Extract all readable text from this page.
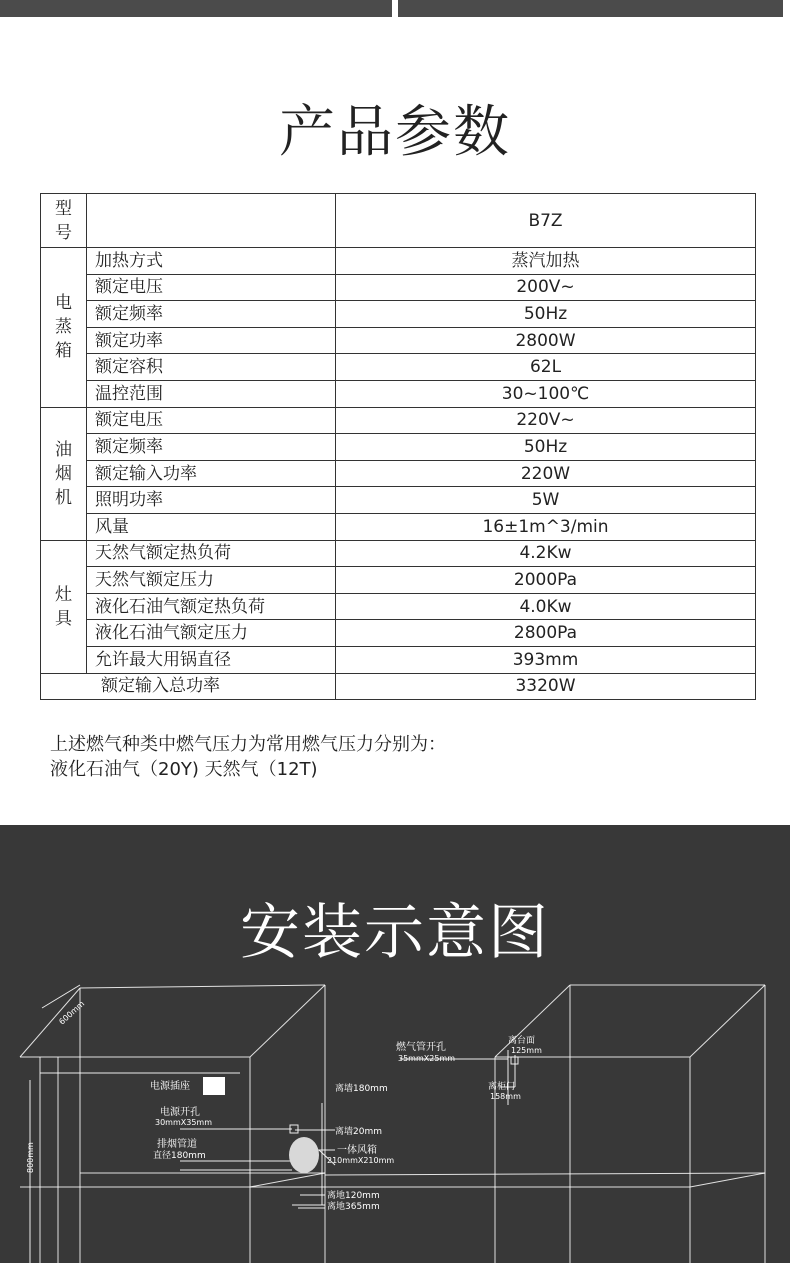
产品参数
型
号		B7Z
电
蒸
箱	加热方式	蒸汽加热
	额定电压	200V~
	额定频率	50Hz
	额定功率	2800W
	额定容积	62L
	温控范围	30~100℃
油
烟
机	额定电压	220V~
	额定频率	50Hz
	额定输入功率	220W
	照明功率	5W
	风量	16±1m^3/min
灶
具	天然气额定热负荷	4.2Kw
	天然气额定压力	2000Pa
	液化石油气额定热负荷	4.0Kw
	液化石油气额定压力	2800Pa
	允许最大用锅直径	393mm
额定输入总功率		3320W
上述燃气种类中燃气压力为常用燃气压力分别为：
液化石油气（20Y) 天然气（12T)
安装示意图
600mm
800mm
电源插座
电源开孔
30mmX35mm
排烟管道
直径180mm
离墙180mm
离墙20mm
一体风箱
210mmX210mm
离地120mm
离地365mm
燃气管开孔
35mmX25mm
离台面
125mm
离柜门
158mm
